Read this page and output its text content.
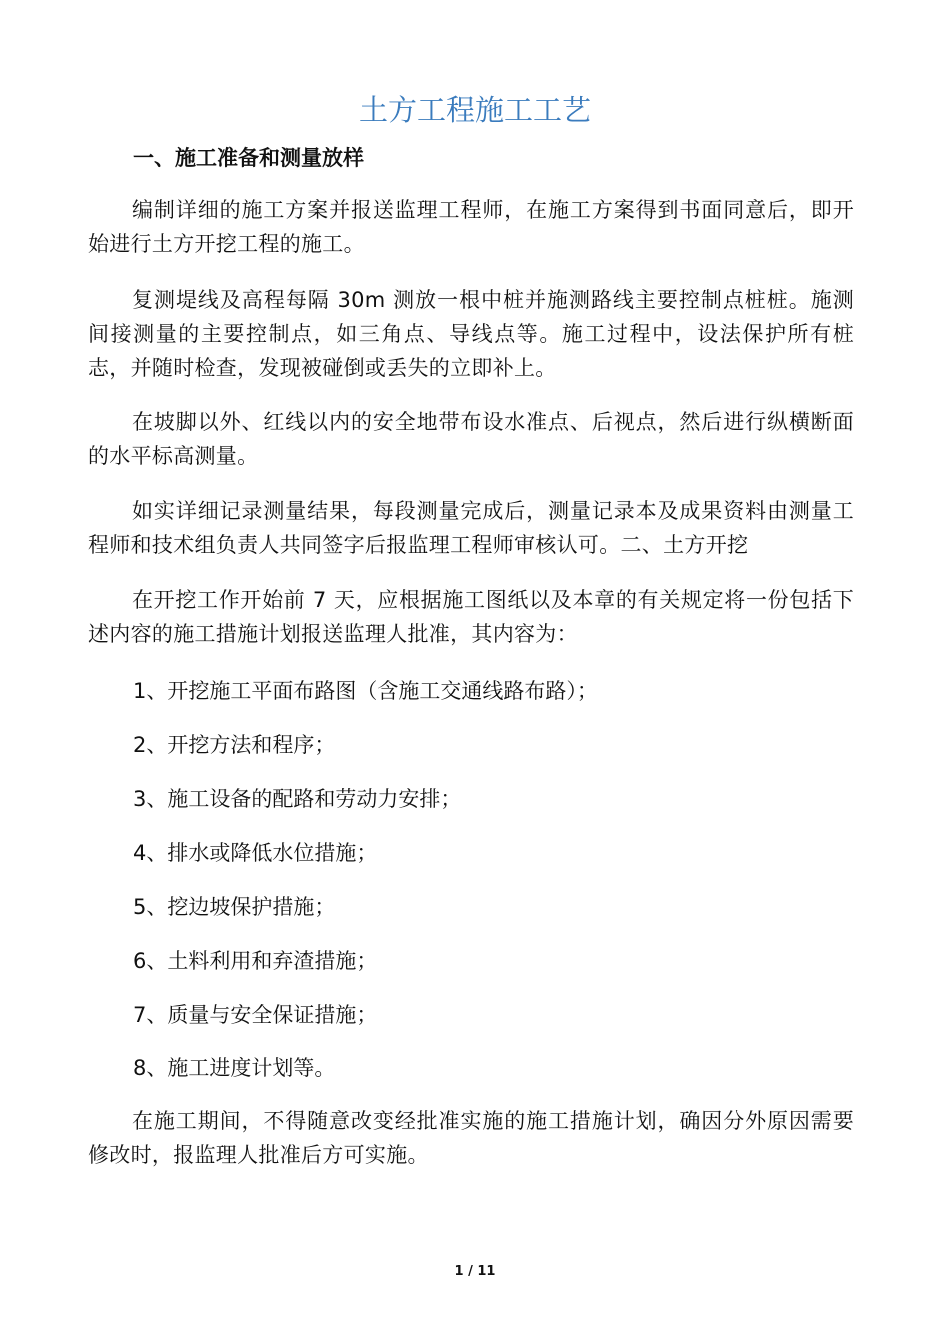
土方工程施工工艺
一、施工准备和测量放样

编制详细的施工方案并报送监理工程师，在施工方案得到书面同意后，即开始进行土方开挖工程的施工。

复测堤线及高程每隔 30m 测放一根中桩并施测路线主要控制点桩桩。施测间接测量的主要控制点，如三角点、导线点等。施工过程中，设法保护所有桩志，并随时检查，发现被碰倒或丢失的立即补上。

在坡脚以外、红线以内的安全地带布设水准点、后视点，然后进行纵横断面的水平标高测量。

如实详细记录测量结果，每段测量完成后，测量记录本及成果资料由测量工程师和技术组负责人共同签字后报监理工程师审核认可。二、土方开挖

在开挖工作开始前 7 天，应根据施工图纸以及本章的有关规定将一份包括下述内容的施工措施计划报送监理人批准，其内容为：

1、开挖施工平面布路图（含施工交通线路布路）；

2、开挖方法和程序；

3、施工设备的配路和劳动力安排；

4、排水或降低水位措施；

5、挖边坡保护措施；

6、土料利用和弃渣措施；

7、质量与安全保证措施；

8、施工进度计划等。

在施工期间，不得随意改变经批准实施的施工措施计划，确因分外原因需要修改时，报监理人批准后方可实施。

1 / 11
